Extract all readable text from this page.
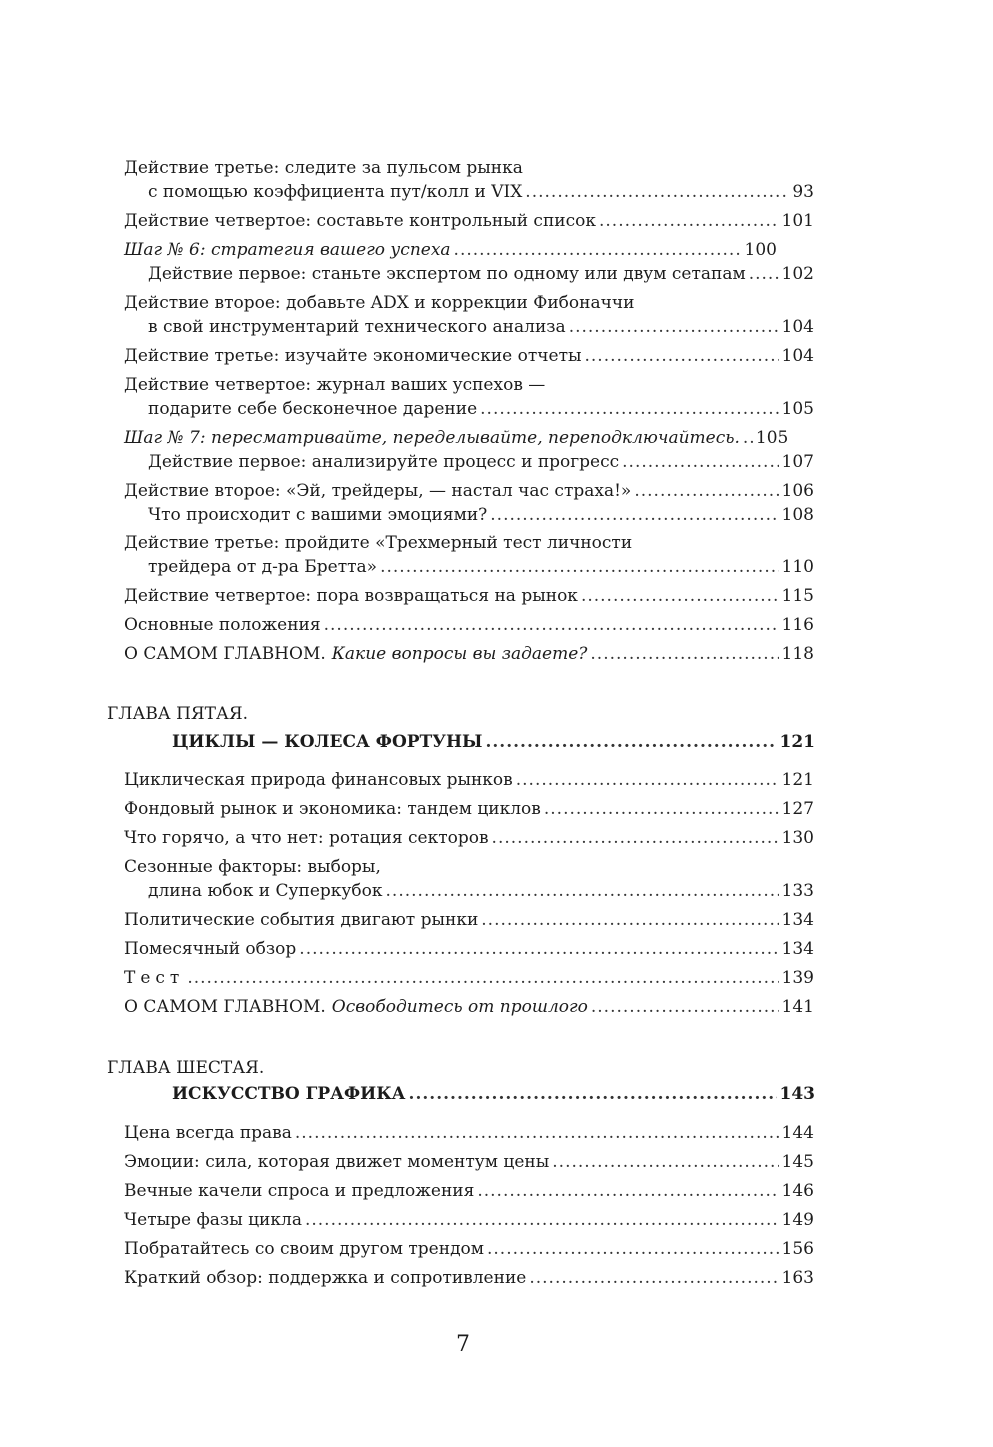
Действие третье: следите за пульсом рынка
с помощью коэффициента пут/колл и VIX .....	93
Действие четвертое: составьте контрольный список .....	101
Шаг № 6: стратегия вашего успеха .....	100
Действие первое: станьте экспертом по одному или двум сетапам ..... 102
Действие второе: добавьте ADX и коррекции Фибоначчи
в свой инструментарий технического анализа .....	104
Действие третье: изучайте экономические отчеты .....	104
Действие четвертое: журнал ваших успехов —
подарите себе бесконечное дарение .....	105
Шаг № 7: пересматривайте, переделывайте, переподключайтесь. ..... 105
Действие первое: анализируйте процесс и прогресс .....	107
Действие второе: «Эй, трейдеры, — настал час страха!» .....	106
Что происходит с вашими эмоциями? .....	108
Действие третье: пройдите «Трехмерный тест личности
трейдера от д-ра Бретта» .....	110
Действие четвертое: пора возвращаться на рынок .....	115
Основные положения .....	116
О САМОМ ГЛАВНОМ. Какие вопросы вы задаете? .....	118
ГЛАВА ПЯТАЯ.
ЦИКЛЫ — КОЛЕСА ФОРТУНЫ .....	121
Циклическая природа финансовых рынков .....	121
Фондовый рынок и экономика: тандем циклов .....	127
Что горячо, а что нет: ротация секторов .....	130
Сезонные факторы: выборы,
длина юбок и Суперкубок .....	133
Политические события двигают рынки .....	134
Помесячный обзор .....	134
Тест .....	139
О САМОМ ГЛАВНОМ. Освободитесь от прошлого .....	141
ГЛАВА ШЕСТАЯ.
ИСКУССТВО ГРАФИКА .....	143
Цена всегда права .....	144
Эмоции: сила, которая движет моментум цены .....	145
Вечные качели спроса и предложения .....	146
Четыре фазы цикла .....	149
Побратайтесь со своим другом трендом .....	156
Краткий обзор: поддержка и сопротивление .....	163
7
